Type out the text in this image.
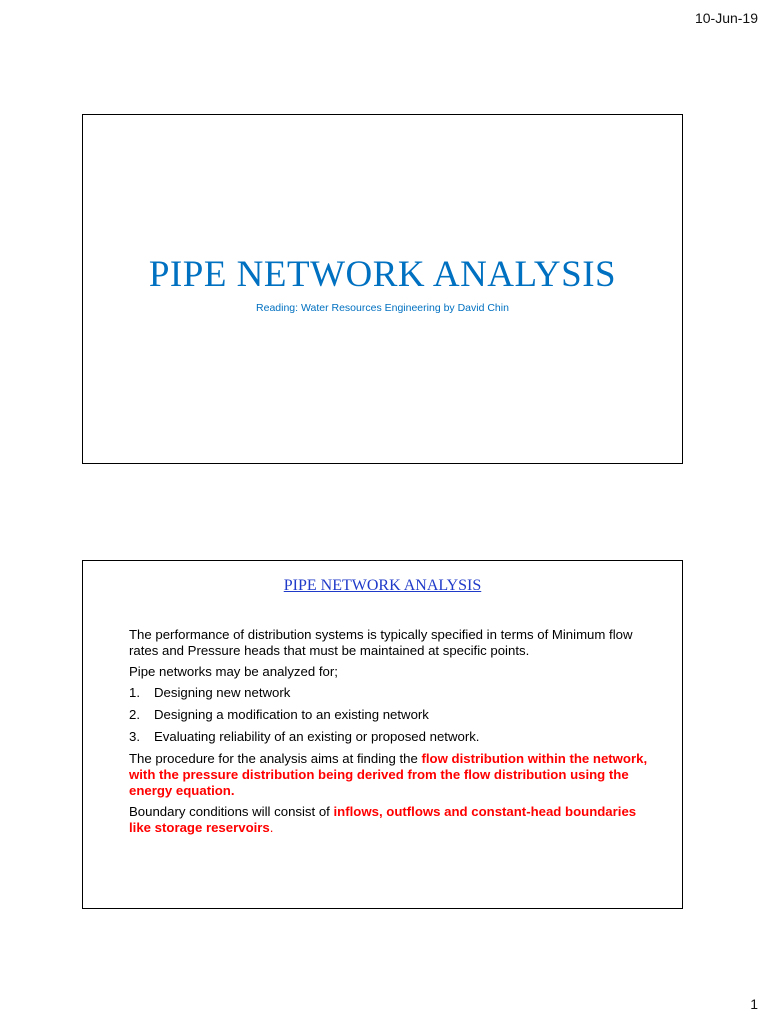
10-Jun-19
PIPE NETWORK ANALYSIS
Reading: Water Resources Engineering by David Chin
PIPE NETWORK ANALYSIS

The performance of distribution systems is typically specified in terms of Minimum flow rates and Pressure heads that must be maintained at specific points.

Pipe networks may be analyzed for;

1.	Designing new network
2.	Designing a modification to an existing network
3.	Evaluating reliability of an existing or proposed network.

The procedure for the analysis aims at finding the flow distribution within the network, with the pressure distribution being derived from the flow distribution using the energy equation.

Boundary conditions will consist of inflows, outflows and constant-head boundaries like storage reservoirs.

1
